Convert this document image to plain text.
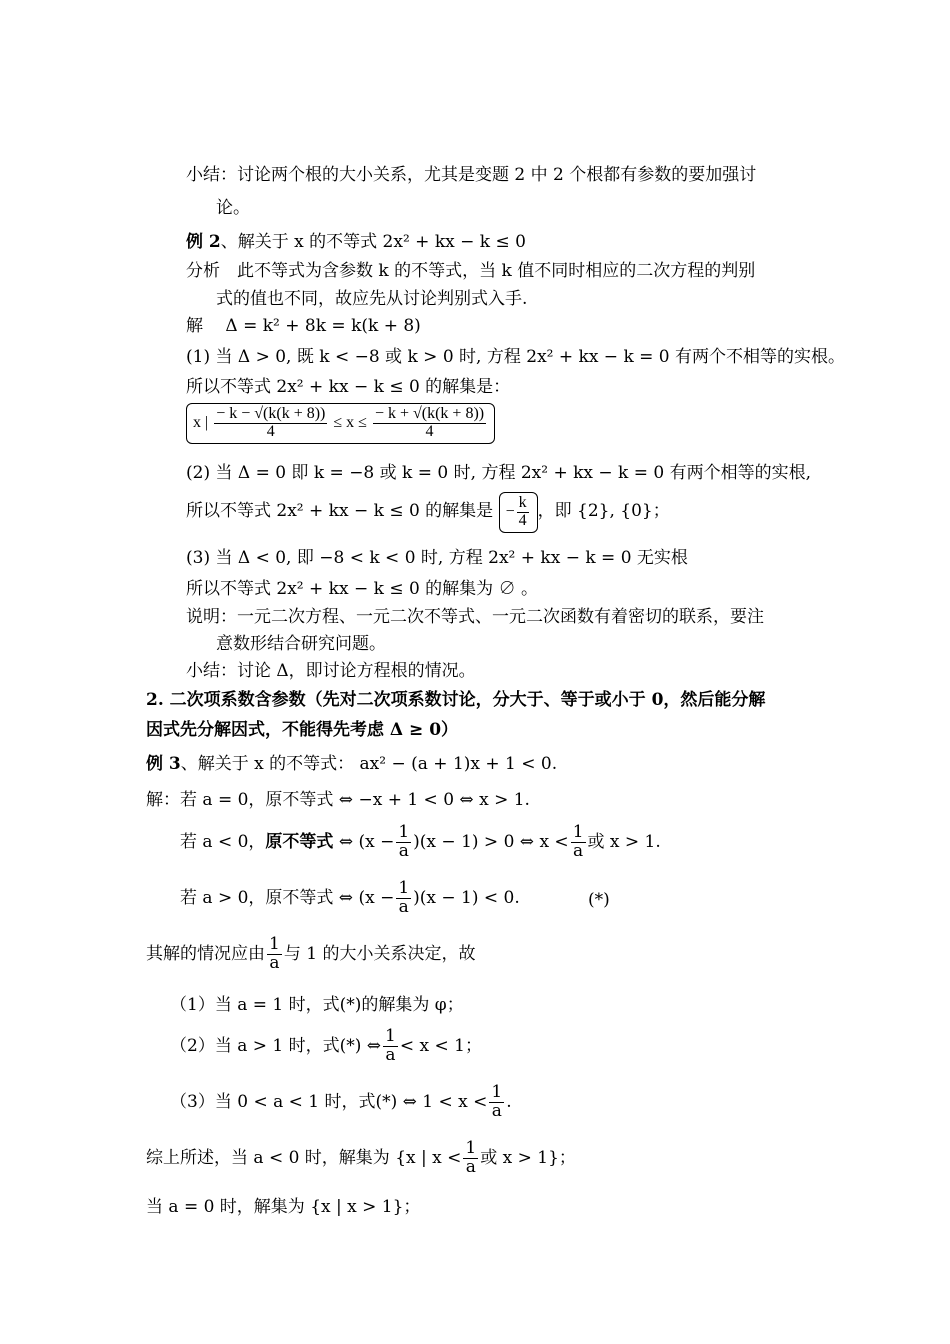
小结：讨论两个根的大小关系，尤其是变题 2 中 2 个根都有参数的要加强讨
论。
例 2、解关于 x 的不等式 2x² + kx − k ≤ 0
分析　此不等式为含参数 k 的不等式，当 k 值不同时相应的二次方程的判别
式的值也不同，故应先从讨论判别式入手.
解　 Δ = k² + 8k = k(k + 8)
(1) 当 Δ > 0, 既 k < −8 或 k > 0 时, 方程 2x² + kx − k = 0 有两个不相等的实根。
所以不等式 2x² + kx − k ≤ 0 的解集是：
x | $\frac{- k - √(k(k + 8))}{4} \le x \le \frac{- k + √(k(k + 8))}{4}$
(2) 当 Δ = 0 即 k = −8 或 k = 0 时, 方程 2x² + kx − k = 0 有两个相等的实根,
所以不等式 2x² + kx − k ≤ 0 的解集是 − $\frac{k}{4}$ ，即 {2}, {0}；
(3) 当 Δ < 0, 即 −8 < k < 0 时, 方程 2x² + kx − k = 0 无实根
所以不等式 2x² + kx − k ≤ 0 的解集为 ∅ 。
说明：一元二次方程、一元二次不等式、一元二次函数有着密切的联系，要注
意数形结合研究问题。
小结：讨论 Δ，即讨论方程根的情况。
2. 二次项系数含参数（先对二次项系数讨论，分大于、等于或小于 0，然后能分解
因式先分解因式，不能得先考虑 Δ ≥ 0）
例 3、解关于 x 的不等式： ax² − (a + 1)x + 1 < 0.
解：若 a = 0，原不等式 ⇔ −x + 1 < 0 ⇔ x > 1.
若 a < 0，原不等式 ⇔ $(x - \frac{1}{a} )(x - 1) > 0$ ⇔ $x < \frac{1}{a}$ 或 x > 1.
若 a > 0，原不等式 ⇔ $(x - \frac{1}{a} )(x - 1) < 0$.	(*)
其解的情况应由 $\frac{1}{a}$ 与 1 的大小关系决定，故
（1）当 a = 1 时，式(*)的解集为 φ；
（2）当 a > 1 时，式(*) ⇔ $\frac{1}{a} < x < 1$；
（3）当 0 < a < 1 时，式(*) ⇔ $1 < x < \frac{1}{a}$ .
综上所述，当 a < 0 时，解集为 {x | $x < \frac{1}{a}$ 或 x > 1}；
当 a = 0 时，解集为 {x | x > 1}；
